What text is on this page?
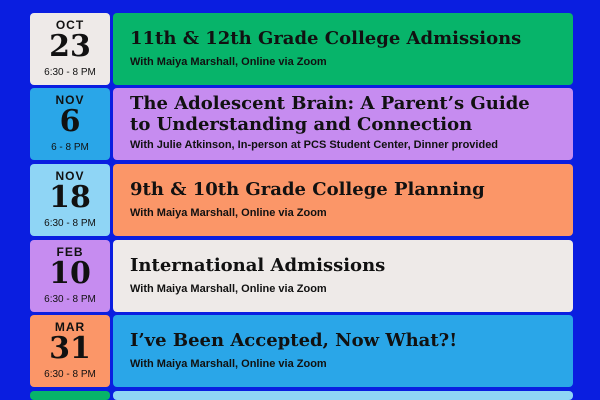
OCT
23
6:30 - 8 PM
11th & 12th Grade College Admissions
With Maiya Marshall, Online via Zoom
NOV
6
6 - 8 PM
The Adolescent Brain: A Parent’s Guide
to Understanding and Connection
With Julie Atkinson, In-person at PCS Student Center, Dinner provided
NOV
18
6:30 - 8 PM
9th & 10th Grade College Planning
With Maiya Marshall, Online via Zoom
FEB
10
6:30 - 8 PM
International Admissions
With Maiya Marshall, Online via Zoom
MAR
31
6:30 - 8 PM
I’ve Been Accepted, Now What?!
With Maiya Marshall, Online via Zoom
